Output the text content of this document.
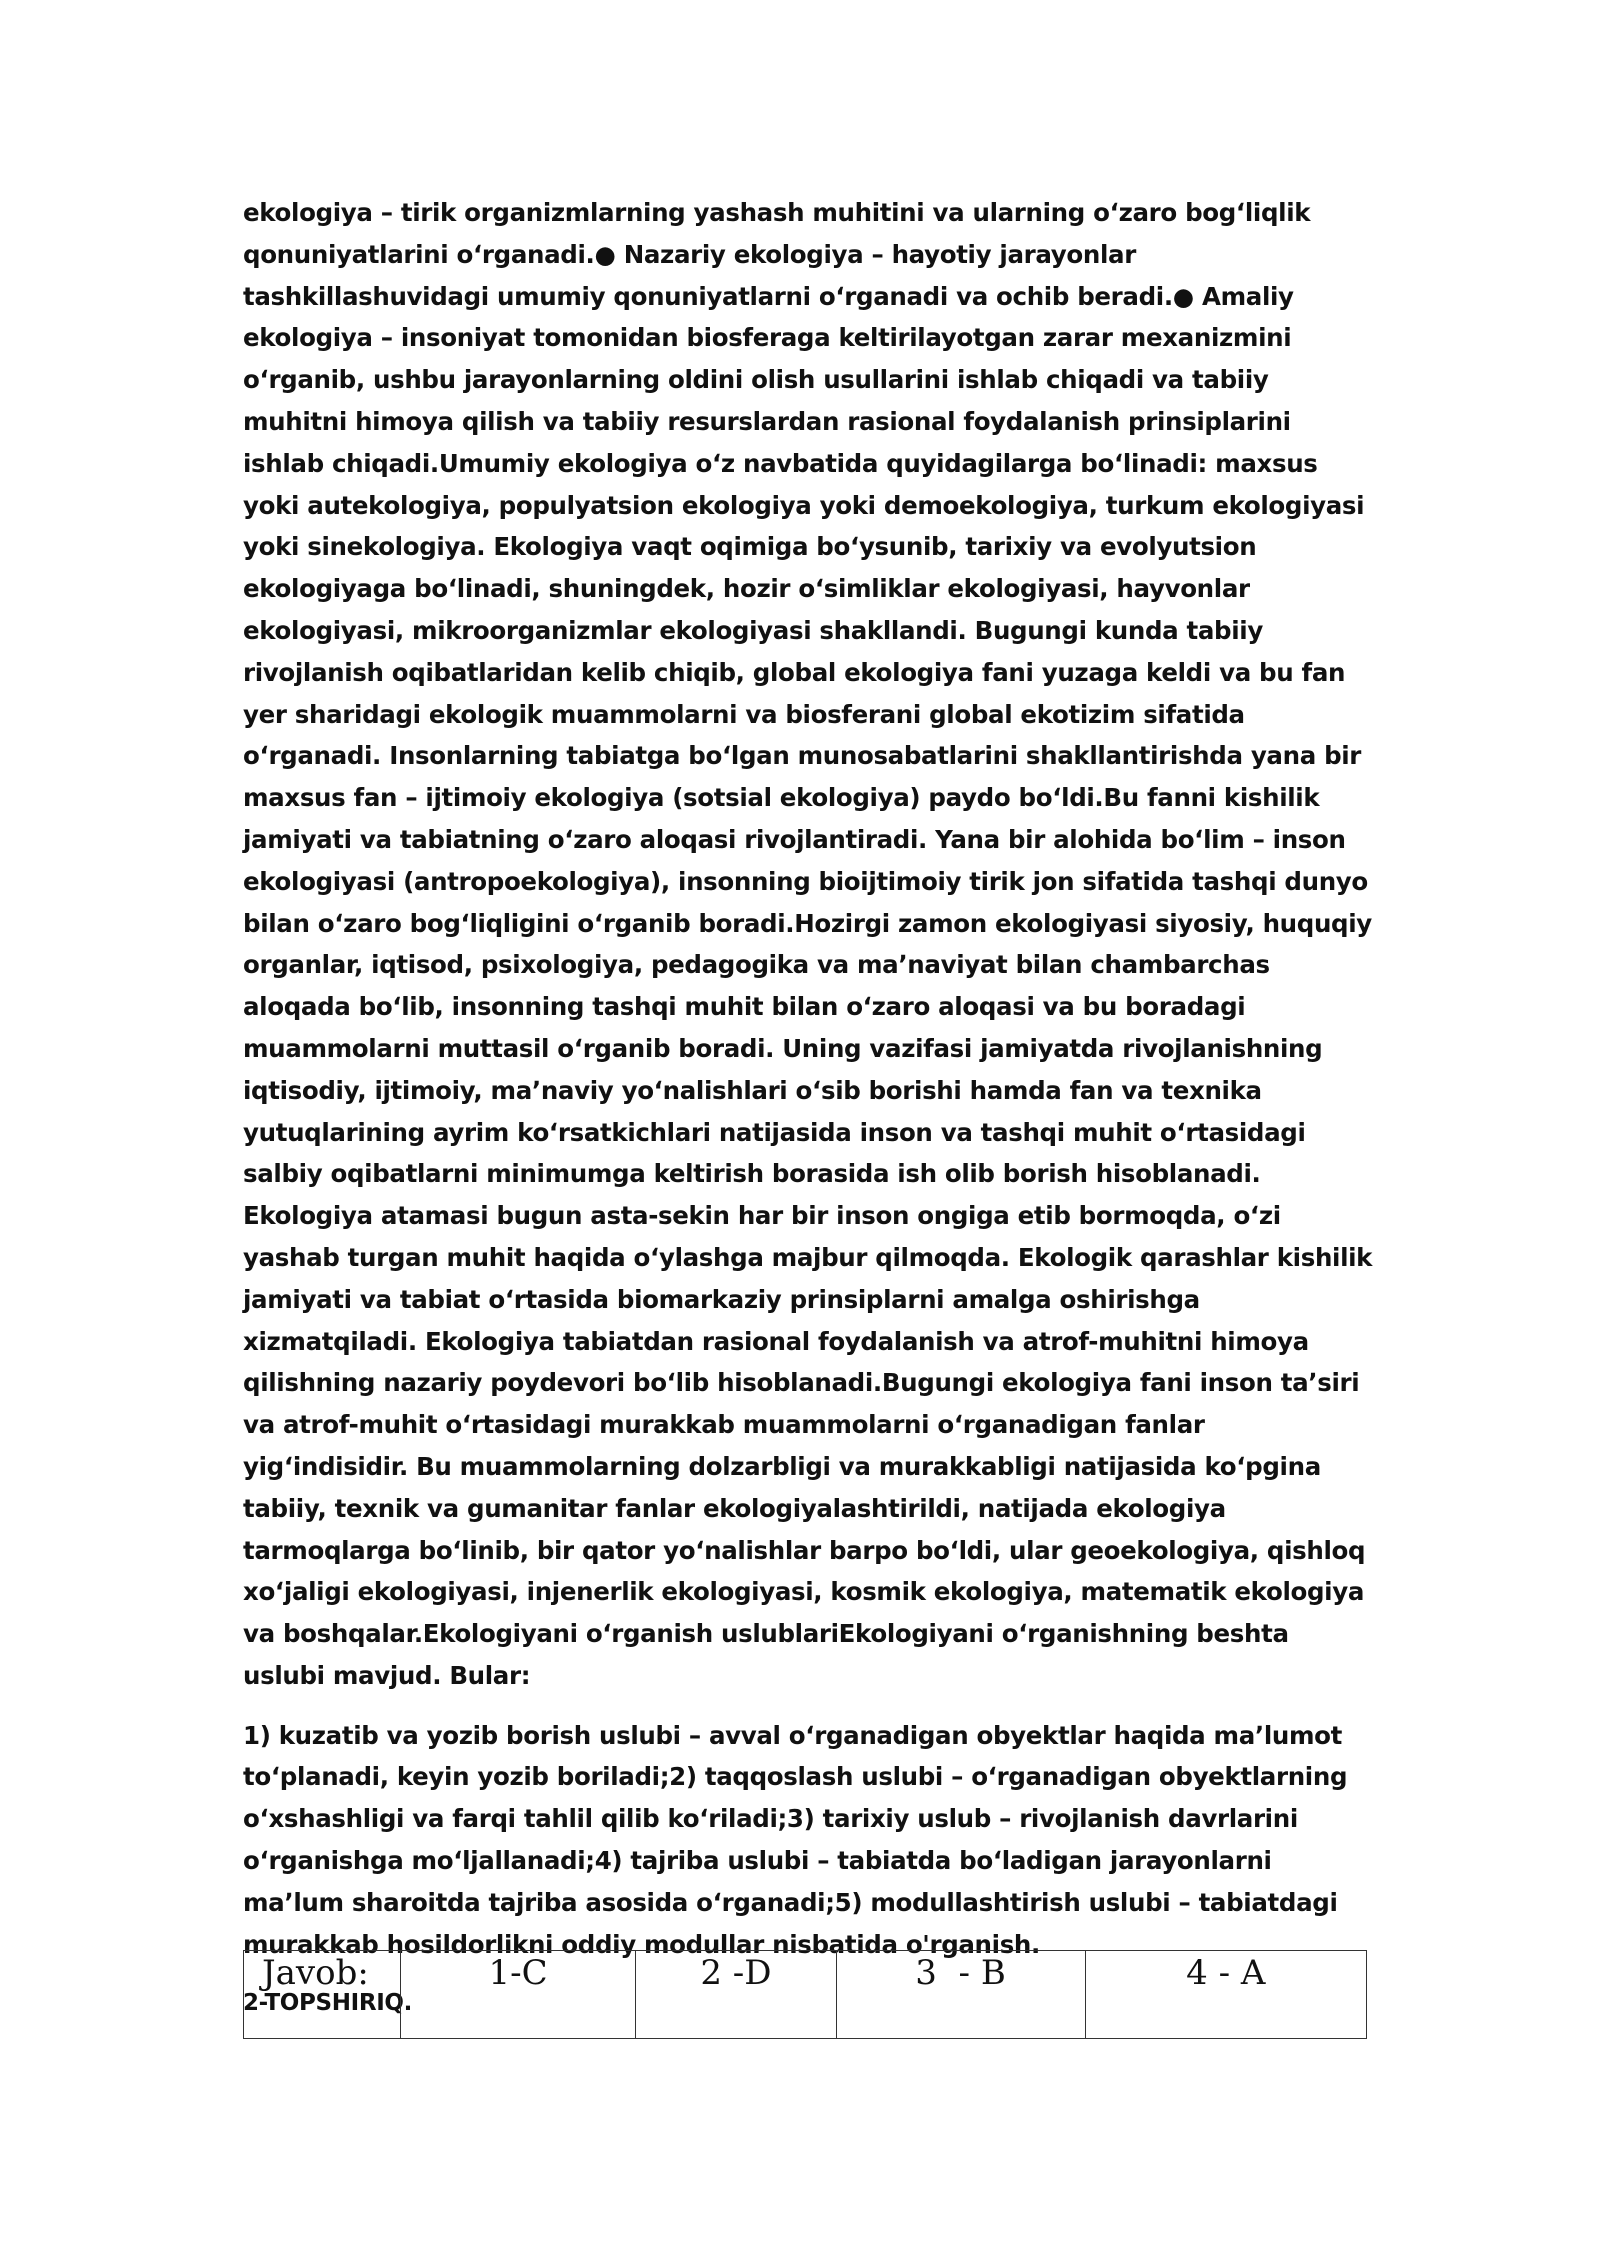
ekologiya – tirik organizmlarning yashash muhitini va ularning oʻzaro bogʻliqlik qonuniyatlarini oʻrganadi.● Nazariy ekologiya – hayotiy jarayonlar tashkillashuvidagi umumiy qonuniyatlarni oʻrganadi va ochib beradi.● Amaliy ekologiya – insoniyat tomonidan biosferaga keltirilayotgan zarar mexanizmini oʻrganib, ushbu jarayonlarning oldini olish usullarini ishlab chiqadi va tabiiy muhitni himoya qilish va tabiiy resurslardan rasional foydalanish prinsiplarini ishlab chiqadi.Umumiy ekologiya oʻz navbatida quyidagilarga boʻlinadi: maxsus yoki autekologiya, populyatsion ekologiya yoki demoekologiya, turkum ekologiyasi yoki sinekologiya. Ekologiya vaqt oqimiga boʻysunib, tarixiy va evolyutsion ekologiyaga boʻlinadi, shuningdek, hozir oʻsimliklar ekologiyasi, hayvonlar ekologiyasi, mikroorganizmlar ekologiyasi shakllandi. Bugungi kunda tabiiy rivojlanish oqibatlaridan kelib chiqib, global ekologiya fani yuzaga keldi va bu fan yer sharidagi ekologik muammolarni va biosferani global ekotizim sifatida oʻrganadi. Insonlarning tabiatga boʻlgan munosabatlarini shakllantirishda yana bir maxsus fan – ijtimoiy ekologiya (sotsial ekologiya) paydo boʻldi.Bu fanni kishilik jamiyati va tabiatning oʻzaro aloqasi rivojlantiradi. Yana bir alohida boʻlim – inson ekologiyasi (antropoekologiya), insonning bioijtimoiy tirik jon sifatida tashqi dunyo bilan oʻzaro bogʻliqligini oʻrganib boradi.Hozirgi zamon ekologiyasi siyosiy, huquqiy organlar, iqtisod, psixologiya, pedagogika va maʼnaviyat bilan chambarchas aloqada boʻlib, insonning tashqi muhit bilan oʻzaro aloqasi va bu boradagi muammolarni muttasil oʻrganib boradi. Uning vazifasi jamiyatda rivojlanishning iqtisodiy, ijtimoiy, maʼnaviy yoʻnalishlari oʻsib borishi hamda fan va texnika yutuqlarining ayrim koʻrsatkichlari natijasida inson va tashqi muhit oʻrtasidagi salbiy oqibatlarni minimumga keltirish borasida ish olib borish hisoblanadi. Ekologiya atamasi bugun asta-sekin har bir inson ongiga etib bormoqda, oʻzi yashab turgan muhit haqida oʻylashga majbur qilmoqda. Ekologik qarashlar kishilik jamiyati va tabiat oʻrtasida biomarkaziy prinsiplarni amalga oshirishga xizmatqiladi. Ekologiya tabiatdan rasional foydalanish va atrof-muhitni himoya qilishning nazariy poydevori boʻlib hisoblanadi.Bugungi ekologiya fani inson taʼsiri va atrof-muhit oʻrtasidagi murakkab muammolarni oʻrganadigan fanlar yigʻindisidir. Bu muammolarning dolzarbligi va murakkabligi natijasida koʻpgina tabiiy, texnik va gumanitar fanlar ekologiyalashtirildi, natijada ekologiya tarmoqlarga boʻlinib, bir qator yoʻnalishlar barpo boʻldi, ular geoekologiya, qishloq xoʻjaligi ekologiyasi, injenerlik ekologiyasi, kosmik ekologiya, matematik ekologiya va boshqalar.Ekologiyani oʻrganish uslublariEkologiyani oʻrganishning beshta uslubi mavjud. Bular:

1) kuzatib va yozib borish uslubi – avval oʻrganadigan obyektlar haqida maʼlumot toʻplanadi, keyin yozib boriladi;2) taqqoslash uslubi – oʻrganadigan obyektlarning oʻxshashligi va farqi tahlil qilib koʻriladi;3) tarixiy uslub – rivojlanish davrlarini oʻrganishga moʻljallanadi;4) tajriba uslubi – tabiatda boʻladigan jarayonlarni maʼlum sharoitda tajriba asosida oʻrganadi;5) modullashtirish uslubi – tabiatdagi murakkab hosildorlikni oddiy modullar nisbatida o'rganish.

2-TOPSHIRIQ.

Javob:	1-C	2 -D	3  - B	4 - A
